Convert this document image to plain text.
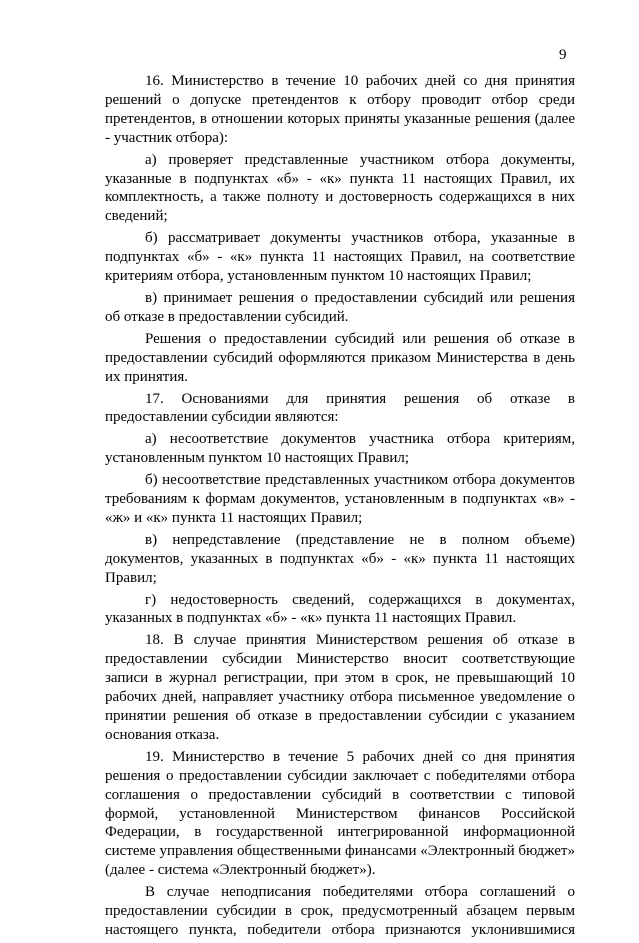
9

16. Министерство в течение 10 рабочих дней со дня принятия решений о допуске претендентов к отбору проводит отбор среди претендентов, в отношении которых приняты указанные решения (далее - участник отбора):

а) проверяет представленные участником отбора документы, указанные в подпунктах «б» - «к» пункта 11 настоящих Правил, их комплектность, а также полноту и достоверность содержащихся в них сведений;

б) рассматривает документы участников отбора, указанные в подпунктах «б» - «к» пункта 11 настоящих Правил, на соответствие критериям отбора, установленным пунктом 10 настоящих Правил;

в) принимает решения о предоставлении субсидий или решения об отказе в предоставлении субсидий.

Решения о предоставлении субсидий или решения об отказе в предоставлении субсидий оформляются приказом Министерства в день их принятия.

17. Основаниями для принятия решения об отказе в предоставлении субсидии являются:

а) несоответствие документов участника отбора критериям, установленным пунктом 10 настоящих Правил;

б) несоответствие представленных участником отбора документов требованиям к формам документов, установленным в подпунктах «в» - «ж» и «к» пункта 11 настоящих Правил;

в) непредставление (представление не в полном объеме) документов, указанных в подпунктах «б» - «к» пункта 11 настоящих Правил;

г) недостоверность сведений, содержащихся в документах, указанных в подпунктах «б» - «к» пункта 11 настоящих Правил.

18. В случае принятия Министерством решения об отказе в предоставлении субсидии Министерство вносит соответствующие записи в журнал регистрации, при этом в срок, не превышающий 10 рабочих дней, направляет участнику отбора письменное уведомление о принятии решения об отказе в предоставлении субсидии с указанием основания отказа.

19. Министерство в течение 5 рабочих дней со дня принятия решения о предоставлении субсидии заключает с победителями отбора соглашения о предоставлении субсидий в соответствии с типовой формой, установленной Министерством финансов Российской Федерации, в государственной интегрированной информационной системе управления общественными финансами «Электронный бюджет» (далее - система «Электронный бюджет»).

В случае неподписания победителями отбора соглашений о предоставлении субсидии в срок, предусмотренный абзацем первым настоящего пункта, победители отбора признаются уклонившимися
